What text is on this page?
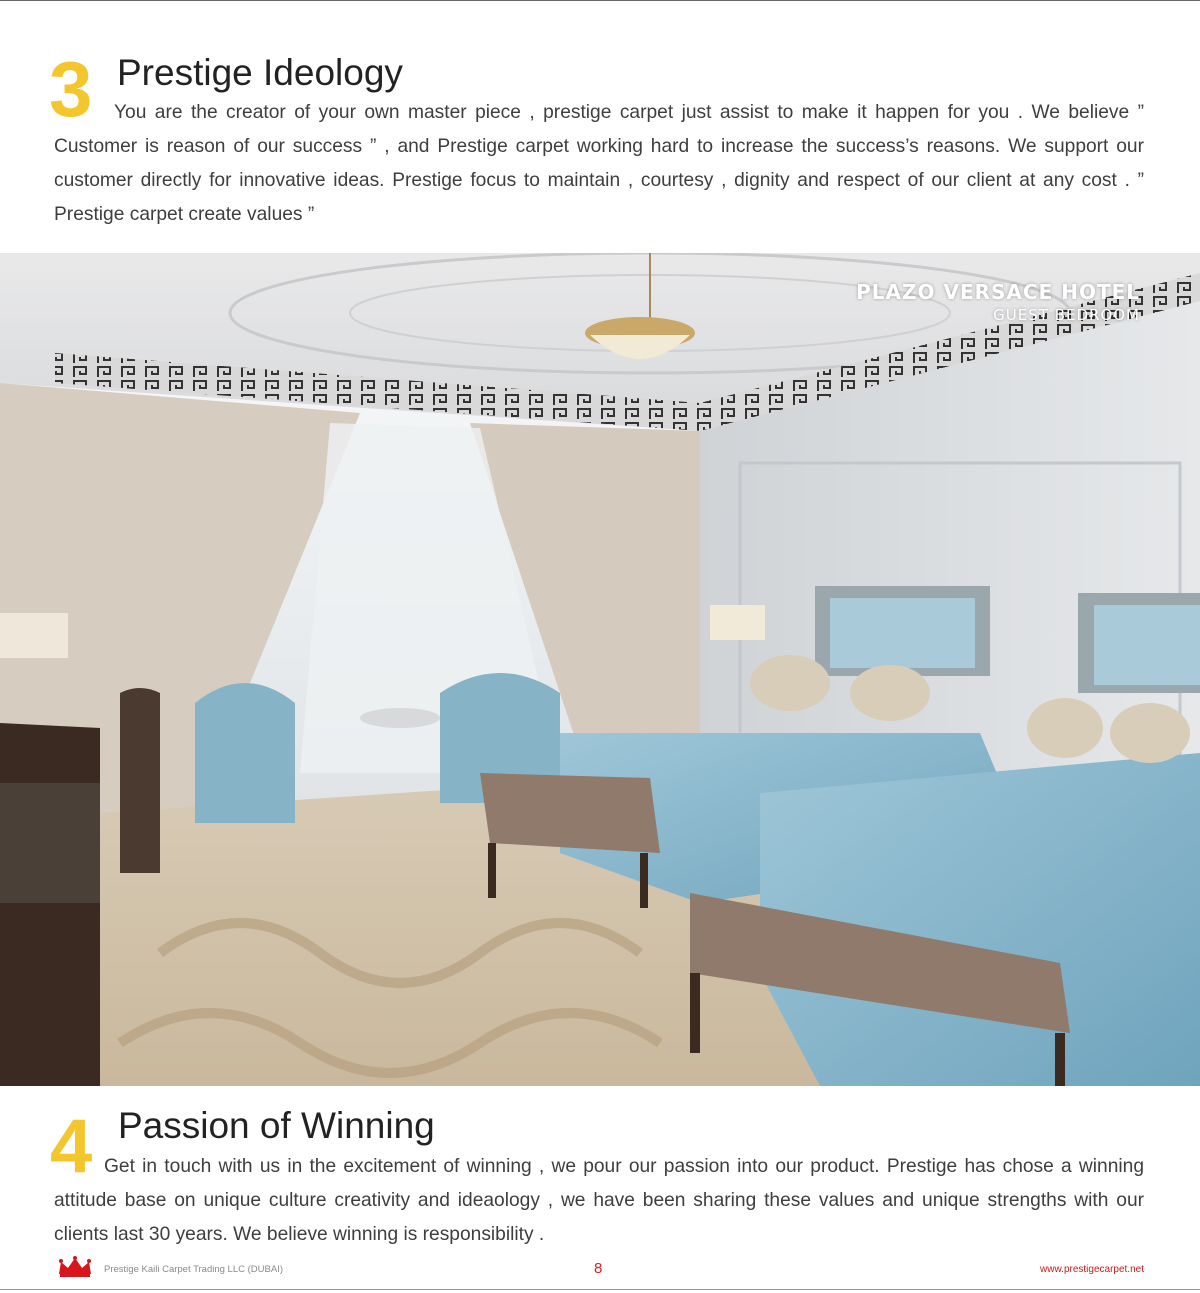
3 Prestige Ideology
You are the creator of your own master piece , prestige carpet just assist to make it happen for you . We believe ” Customer is reason of our success ” , and Prestige carpet working hard to increase the success’s reasons. We support our customer directly for innovative ideas. Prestige focus to maintain , courtesy , dignity and respect of our client at any cost . ” Prestige carpet create values ”
PLAZO VERSACE HOTEL
GUEST BEDROOM
4 Passion of Winning
Get in touch with us in the excitement of winning , we pour our passion into our product. Prestige has chose a winning attitude base on unique culture creativity and ideaology , we have been sharing these values and unique strengths with our clients last 30 years. We believe winning is responsibility .
Prestige Kaili Carpet Trading LLC (DUBAI)	8	www.prestigecarpet.net
